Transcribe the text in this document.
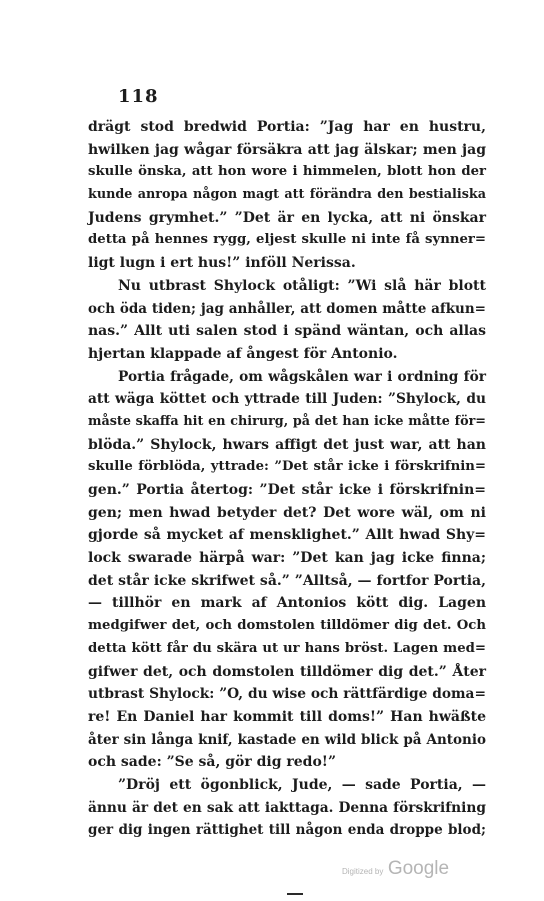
118
drägt stod bredwid Portia: ”Jag har en hustru,
hwilken jag wågar försäkra att jag älskar; men jag
skulle önska, att hon wore i himmelen, blott hon der
kunde anropa någon magt att förändra den bestialiska
Judens grymhet.” ”Det är en lycka, att ni önskar
detta på hennes rygg, eljest skulle ni inte få synner=
ligt lugn i ert hus!” inföll Nerissa.
Nu utbrast Shylock otåligt: ”Wi slå här blott
och öda tiden; jag anhåller, att domen måtte afkun=
nas.” Allt uti salen stod i spänd wäntan, och allas
hjertan klappade af ångest för Antonio.
Portia frågade, om wågskålen war i ordning för
att wäga köttet och yttrade till Juden: ”Shylock, du
måste skaffa hit en chirurg, på det han icke måtte för=
blöda.” Shylock, hwars affigt det just war, att han
skulle förblöda, yttrade: ”Det står icke i förskrifnin=
gen.” Portia återtog: ”Det står icke i förskrifnin=
gen; men hwad betyder det? Det wore wäl, om ni
gjorde så mycket af mensklighet.” Allt hwad Shy=
lock swarade härpå war: ”Det kan jag icke finna;
det står icke skrifwet så.” ”Alltså, — fortfor Portia,
— tillhör en mark af Antonios kött dig. Lagen
medgifwer det, och domstolen tilldömer dig det. Och
detta kött får du skära ut ur hans bröst. Lagen med=
gifwer det, och domstolen tilldömer dig det.” Åter
utbrast Shylock: ”O, du wise och rättfärdige doma=
re! En Daniel har kommit till doms!” Han hwäßte
åter sin långa knif, kastade en wild blick på Antonio
och sade: ”Se så, gör dig redo!”
”Dröj ett ögonblick, Jude, — sade Portia, —
ännu är det en sak att iakttaga. Denna förskrifning
ger dig ingen rättighet till någon enda droppe blod;
Digitized by Google
